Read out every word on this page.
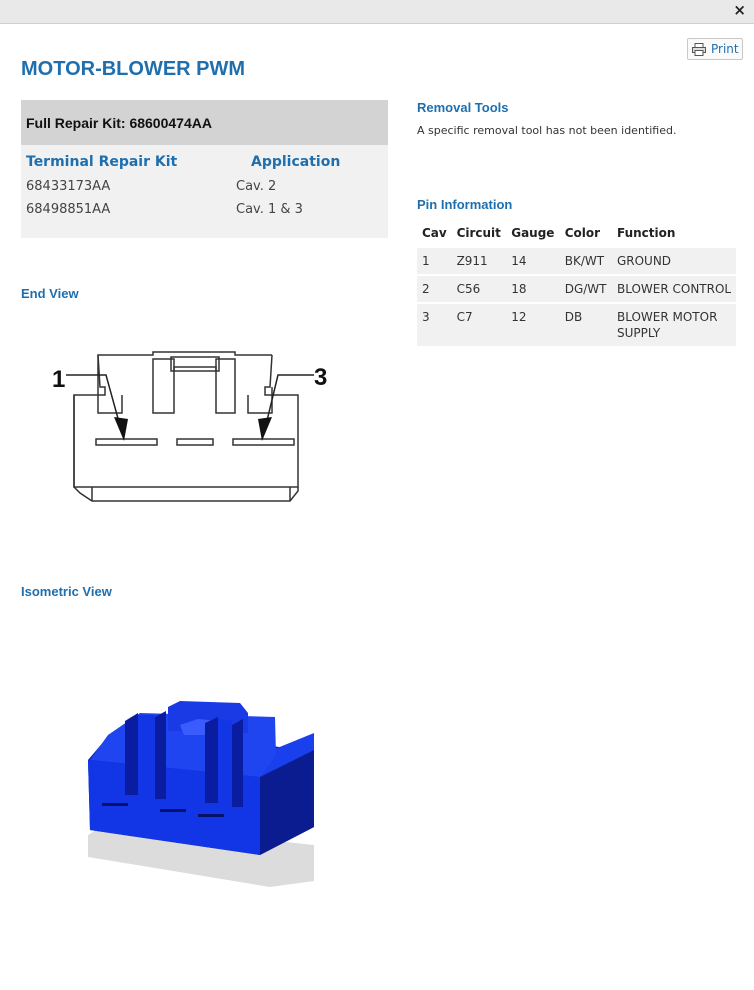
×
Print
MOTOR-BLOWER PWM
Full Repair Kit: 68600474AA
Terminal Repair Kit	Application
68433173AA	Cav. 2
68498851AA	Cav. 1 & 3
Removal Tools
A specific removal tool has not been identified.
Pin Information
Cav	Circuit	Gauge	Color	Function
1	Z911	14	BK/WT	GROUND
2	C56	18	DG/WT	BLOWER CONTROL
3	C7	12	DB	BLOWER MOTOR SUPPLY
End View
1	3
Isometric View
